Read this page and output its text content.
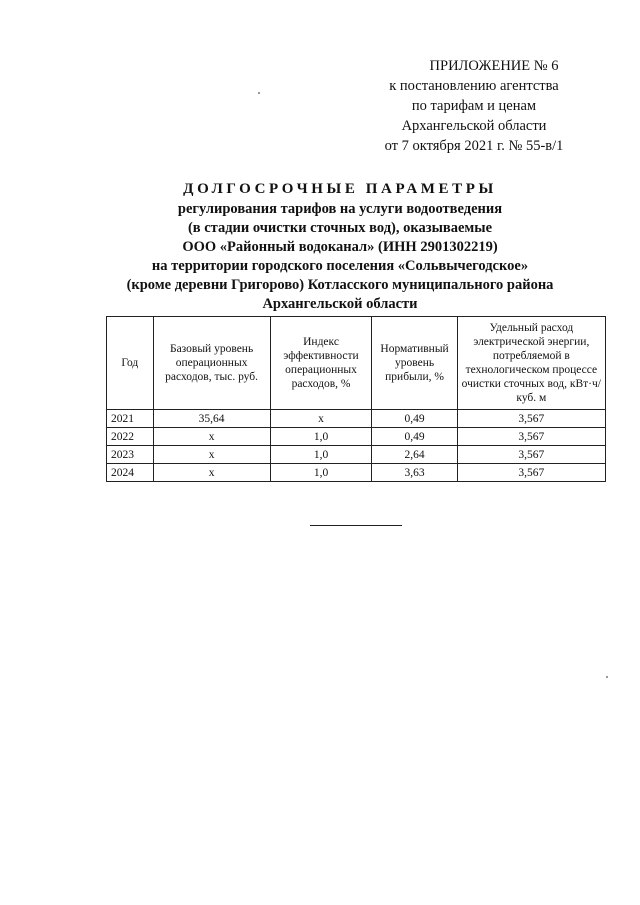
ПРИЛОЖЕНИЕ № 6
к постановлению агентства
по тарифам и ценам
Архангельской области
от 7 октября 2021 г. № 55-в/1
ДОЛГОСРОЧНЫЕ ПАРАМЕТРЫ
регулирования тарифов на услуги водоотведения
(в стадии очистки сточных вод), оказываемые
ООО «Районный водоканал» (ИНН 2901302219)
на территории городского поселения «Сольвычегодское»
(кроме деревни Григорово) Котласского муниципального района
Архангельской области
Год	Базовый уровень операционных расходов, тыс. руб.	Индекс эффективности операционных расходов, %	Нормативный уровень прибыли, %	Удельный расход электрической энергии, потребляемой в технологическом процессе очистки сточных вод, кВт·ч/куб. м
2021	35,64	х	0,49	3,567
2022	х	1,0	0,49	3,567
2023	х	1,0	2,64	3,567
2024	х	1,0	3,63	3,567
